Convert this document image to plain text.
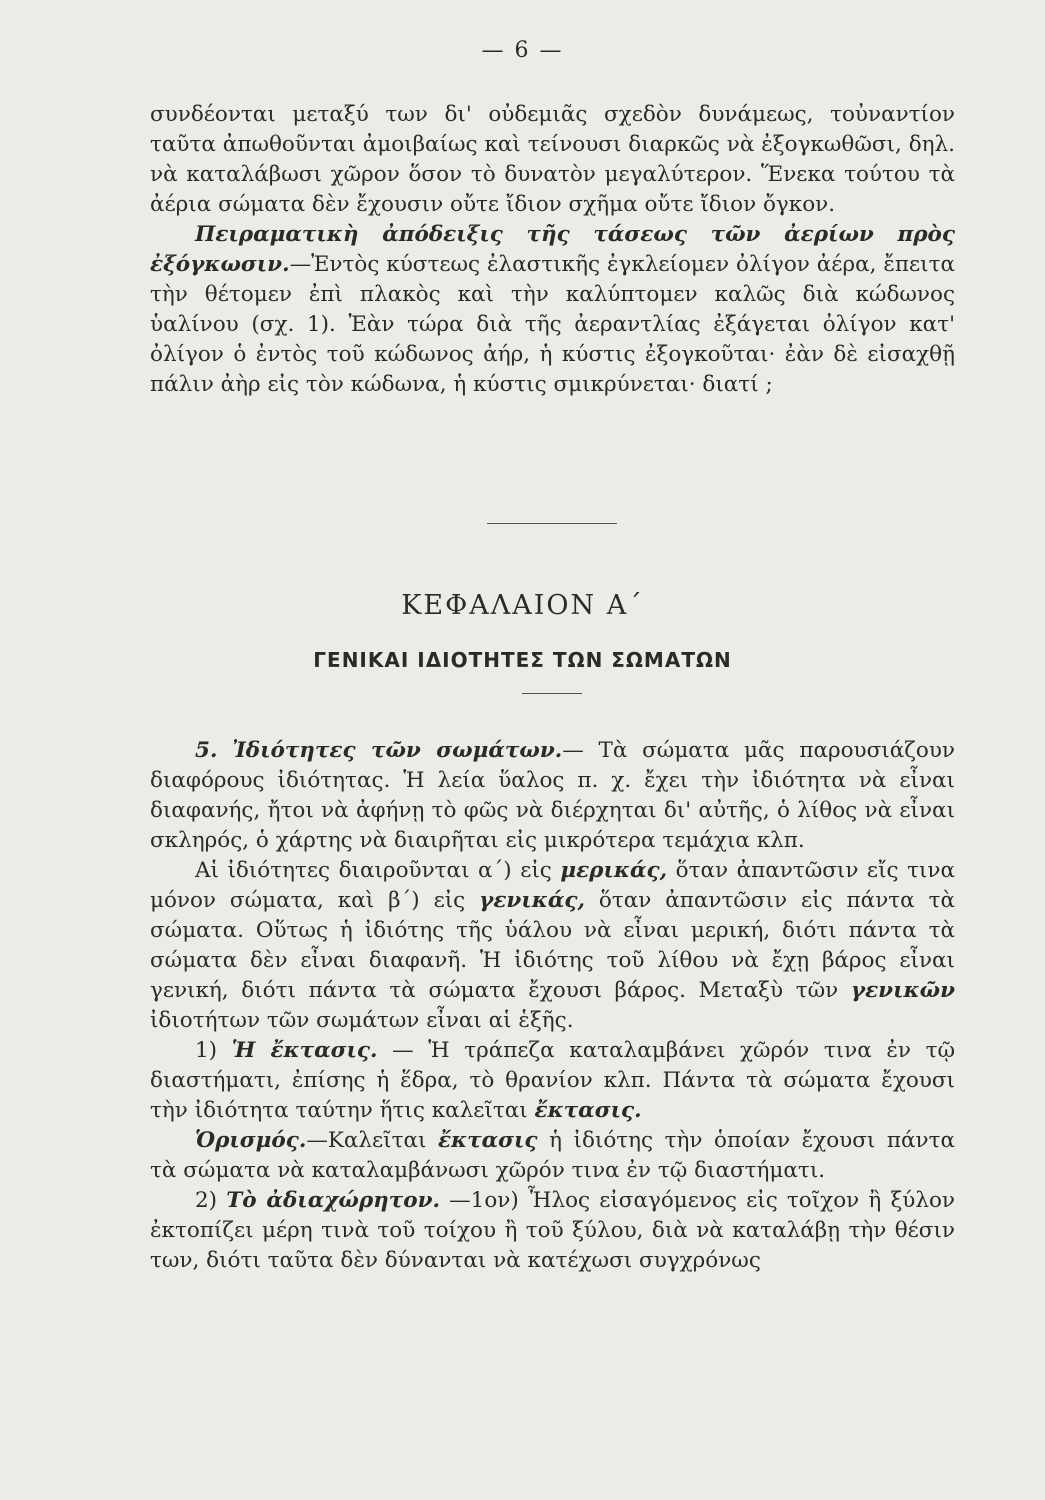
— 6 —

συνδέονται μεταξύ των δι' οὐδεμιᾶς σχεδὸν δυνάμεως, τοὐναντίον ταῦτα ἀπωθοῦνται ἀμοιβαίως καὶ τείνουσι διαρκῶς νὰ ἐξογκωθῶσι, δηλ. νὰ καταλάβωσι χῶρον ὅσον τὸ δυνατὸν μεγαλύτερον. Ἕνεκα τούτου τὰ ἀέρια σώματα δὲν ἔχουσιν οὔτε ἴδιον σχῆμα οὔτε ἴδιον ὄγκον.

Πειραματικὴ ἀπόδειξις τῆς τάσεως τῶν ἀερίων πρὸς ἐξόγκωσιν.—Ἐντὸς κύστεως ἐλαστικῆς ἐγκλείομεν ὀλίγον ἀέρα, ἔπειτα τὴν θέτομεν ἐπὶ πλακὸς καὶ τὴν καλύπτομεν καλῶς διὰ κώδωνος ὑαλίνου (σχ. 1). Ἐὰν τώρα διὰ τῆς ἀεραντλίας ἐξάγεται ὀλίγον κατ' ὀλίγον ὁ ἐντὸς τοῦ κώδωνος ἀήρ, ἡ κύστις ἐξογκοῦται· ἐὰν δὲ εἰσαχθῇ πάλιν ἀὴρ εἰς τὸν κώδωνα, ἡ κύστις σμικρύνεται· διατί ;

ΚΕΦΑΛΑΙΟΝ Α΄
ΓΕΝΙΚΑΙ ΙΔΙΟΤΗΤΕΣ ΤΩΝ ΣΩΜΑΤΩΝ

5. Ἰδιότητες τῶν σωμάτων.— Τὰ σώματα μᾶς παρουσιάζουν διαφόρους ἰδιότητας. Ἡ λεία ὕαλος π. χ. ἔχει τὴν ἰδιότητα νὰ εἶναι διαφανής, ἤτοι νὰ ἀφήνῃ τὸ φῶς νὰ διέρχηται δι' αὐτῆς, ὁ λίθος νὰ εἶναι σκληρός, ὁ χάρτης νὰ διαιρῆται εἰς μικρότερα τεμάχια κλπ.

Αἱ ἰδιότητες διαιροῦνται α΄) εἰς μερικάς, ὅταν ἀπαντῶσιν εἴς τινα μόνον σώματα, καὶ β΄) εἰς γενικάς, ὅταν ἀπαντῶσιν εἰς πάντα τὰ σώματα. Οὕτως ἡ ἰδιότης τῆς ὑάλου νὰ εἶναι μερική, διότι πάντα τὰ σώματα δὲν εἶναι διαφανῆ. Ἡ ἰδιότης τοῦ λίθου νὰ ἔχῃ βάρος εἶναι γενική, διότι πάντα τὰ σώματα ἔχουσι βάρος. Μεταξὺ τῶν γενικῶν ἰδιοτήτων τῶν σωμάτων εἶναι αἱ ἑξῆς.

1) Ἡ ἔκτασις. — Ἡ τράπεζα καταλαμβάνει χῶρόν τινα ἐν τῷ διαστήματι, ἐπίσης ἡ ἕδρα, τὸ θρανίον κλπ. Πάντα τὰ σώματα ἔχουσι τὴν ἰδιότητα ταύτην ἥτις καλεῖται ἔκτασις.

Ὁρισμός.—Καλεῖται ἔκτασις ἡ ἰδιότης τὴν ὁποίαν ἔχουσι πάντα τὰ σώματα νὰ καταλαμβάνωσι χῶρόν τινα ἐν τῷ διαστήματι.

2) Τὸ ἀδιαχώρητον. —1ον) Ἧλος εἰσαγόμενος εἰς τοῖχον ἢ ξύλον ἐκτοπίζει μέρη τινὰ τοῦ τοίχου ἢ τοῦ ξύλου, διὰ νὰ καταλάβῃ τὴν θέσιν των, διότι ταῦτα δὲν δύνανται νὰ κατέχωσι συγχρόνως
